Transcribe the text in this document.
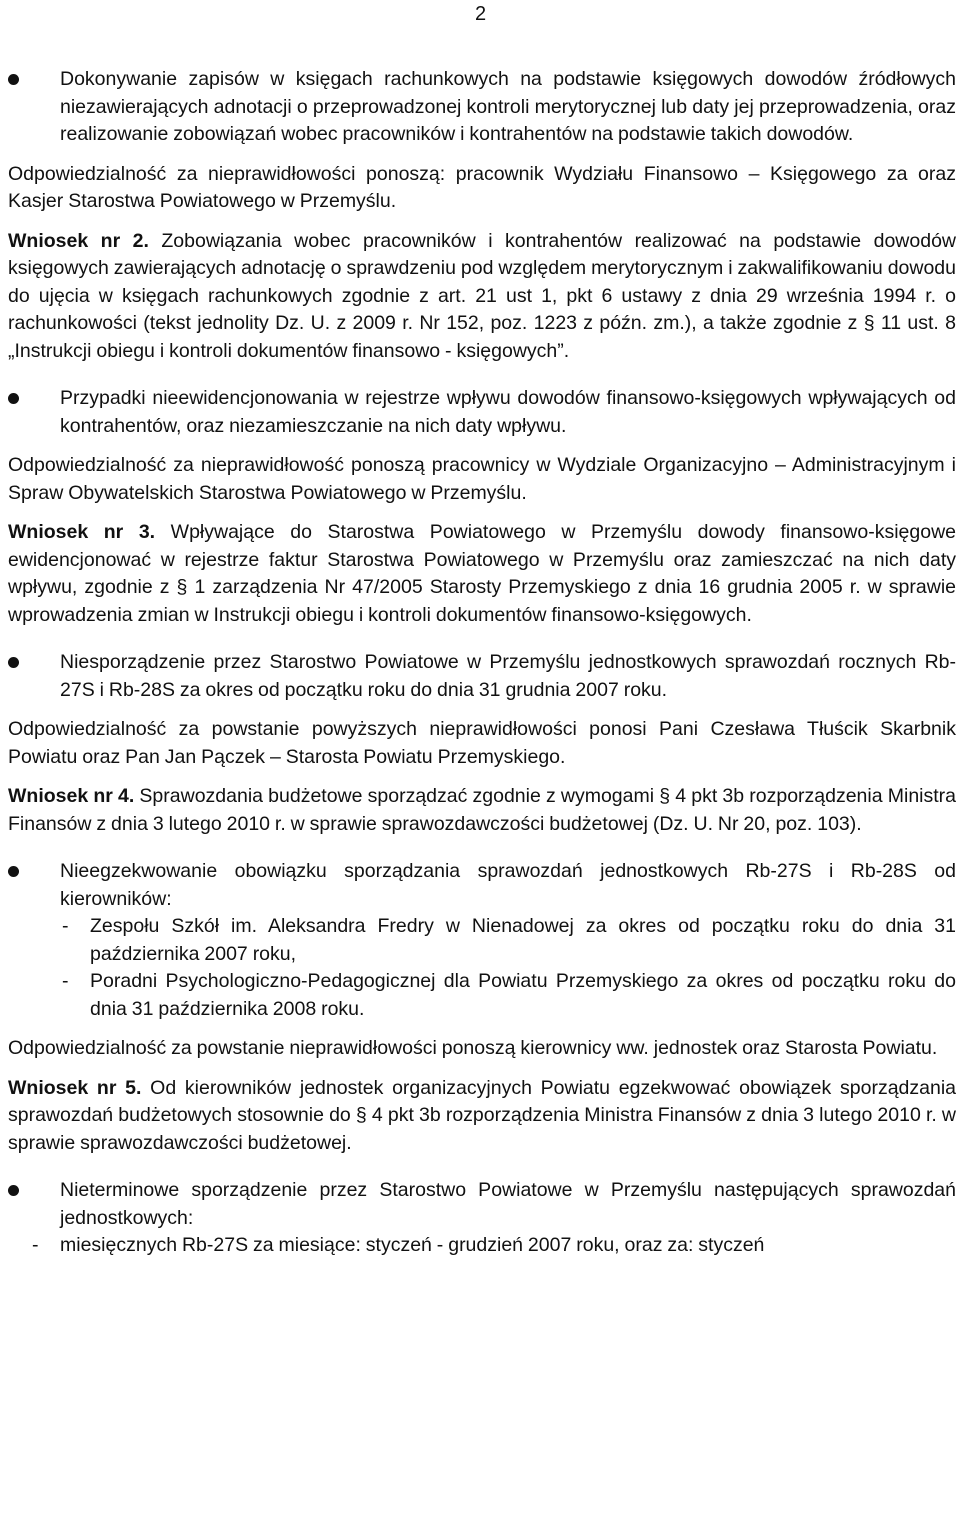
2

Dokonywanie zapisów w księgach rachunkowych na podstawie księgowych dowodów źródłowych niezawierających adnotacji o przeprowadzonej kontroli merytorycznej lub daty jej przeprowadzenia, oraz realizowanie zobowiązań wobec pracowników i kontrahentów na podstawie takich dowodów.

Odpowiedzialność za nieprawidłowości ponoszą: pracownik Wydziału Finansowo – Księgowego za oraz Kasjer Starostwa Powiatowego w Przemyślu.

Wniosek nr 2. Zobowiązania wobec pracowników i kontrahentów realizować na podstawie dowodów księgowych zawierających adnotację o sprawdzeniu pod względem merytorycznym i zakwalifikowaniu dowodu do ujęcia w księgach rachunkowych zgodnie z art. 21 ust 1, pkt 6 ustawy z dnia 29 września 1994 r. o rachunkowości (tekst jednolity Dz. U. z 2009 r. Nr 152, poz. 1223 z późn. zm.), a także zgodnie z § 11 ust. 8 „Instrukcji obiegu i kontroli dokumentów finansowo - księgowych”.

Przypadki nieewidencjonowania w rejestrze wpływu dowodów finansowo-księgowych wpływających od kontrahentów, oraz niezamieszczanie na nich daty wpływu.

Odpowiedzialność za nieprawidłowość ponoszą pracownicy w Wydziale Organizacyjno – Administracyjnym i Spraw Obywatelskich Starostwa Powiatowego w Przemyślu.

Wniosek nr 3. Wpływające do Starostwa Powiatowego w Przemyślu dowody finansowo-księgowe ewidencjonować w rejestrze faktur Starostwa Powiatowego w Przemyślu oraz zamieszczać na nich daty wpływu, zgodnie z § 1 zarządzenia Nr 47/2005 Starosty Przemyskiego z dnia 16 grudnia 2005 r. w sprawie wprowadzenia zmian w Instrukcji obiegu i kontroli dokumentów finansowo-księgowych.

Niesporządzenie przez Starostwo Powiatowe w Przemyślu jednostkowych sprawozdań rocznych Rb-27S i Rb-28S za okres od początku roku do dnia 31 grudnia 2007 roku.

Odpowiedzialność za powstanie powyższych nieprawidłowości ponosi Pani Czesława Tłuścik Skarbnik Powiatu oraz Pan Jan Pączek – Starosta Powiatu Przemyskiego.

Wniosek nr 4. Sprawozdania budżetowe sporządzać zgodnie z wymogami § 4 pkt 3b rozporządzenia Ministra Finansów z dnia 3 lutego 2010 r. w sprawie sprawozdawczości budżetowej (Dz. U. Nr 20, poz. 103).

Nieegzekwowanie obowiązku sporządzania sprawozdań jednostkowych Rb-27S i Rb-28S od kierowników:

- Zespołu Szkół im. Aleksandra Fredry w Nienadowej za okres od początku roku do dnia 31 października 2007 roku,
- Poradni Psychologiczno-Pedagogicznej dla Powiatu Przemyskiego za okres od początku roku do dnia 31 października 2008 roku.

Odpowiedzialność za powstanie nieprawidłowości ponoszą kierownicy ww. jednostek oraz Starosta Powiatu.

Wniosek nr 5. Od kierowników jednostek organizacyjnych Powiatu egzekwować obowiązek sporządzania sprawozdań budżetowych stosownie do § 4 pkt 3b rozporządzenia Ministra Finansów z dnia 3 lutego 2010 r. w sprawie sprawozdawczości budżetowej.

Nieterminowe sporządzenie przez Starostwo Powiatowe w Przemyślu następujących sprawozdań jednostkowych:

- miesięcznych Rb-27S za miesiące: styczeń - grudzień 2007 roku, oraz za: styczeń
